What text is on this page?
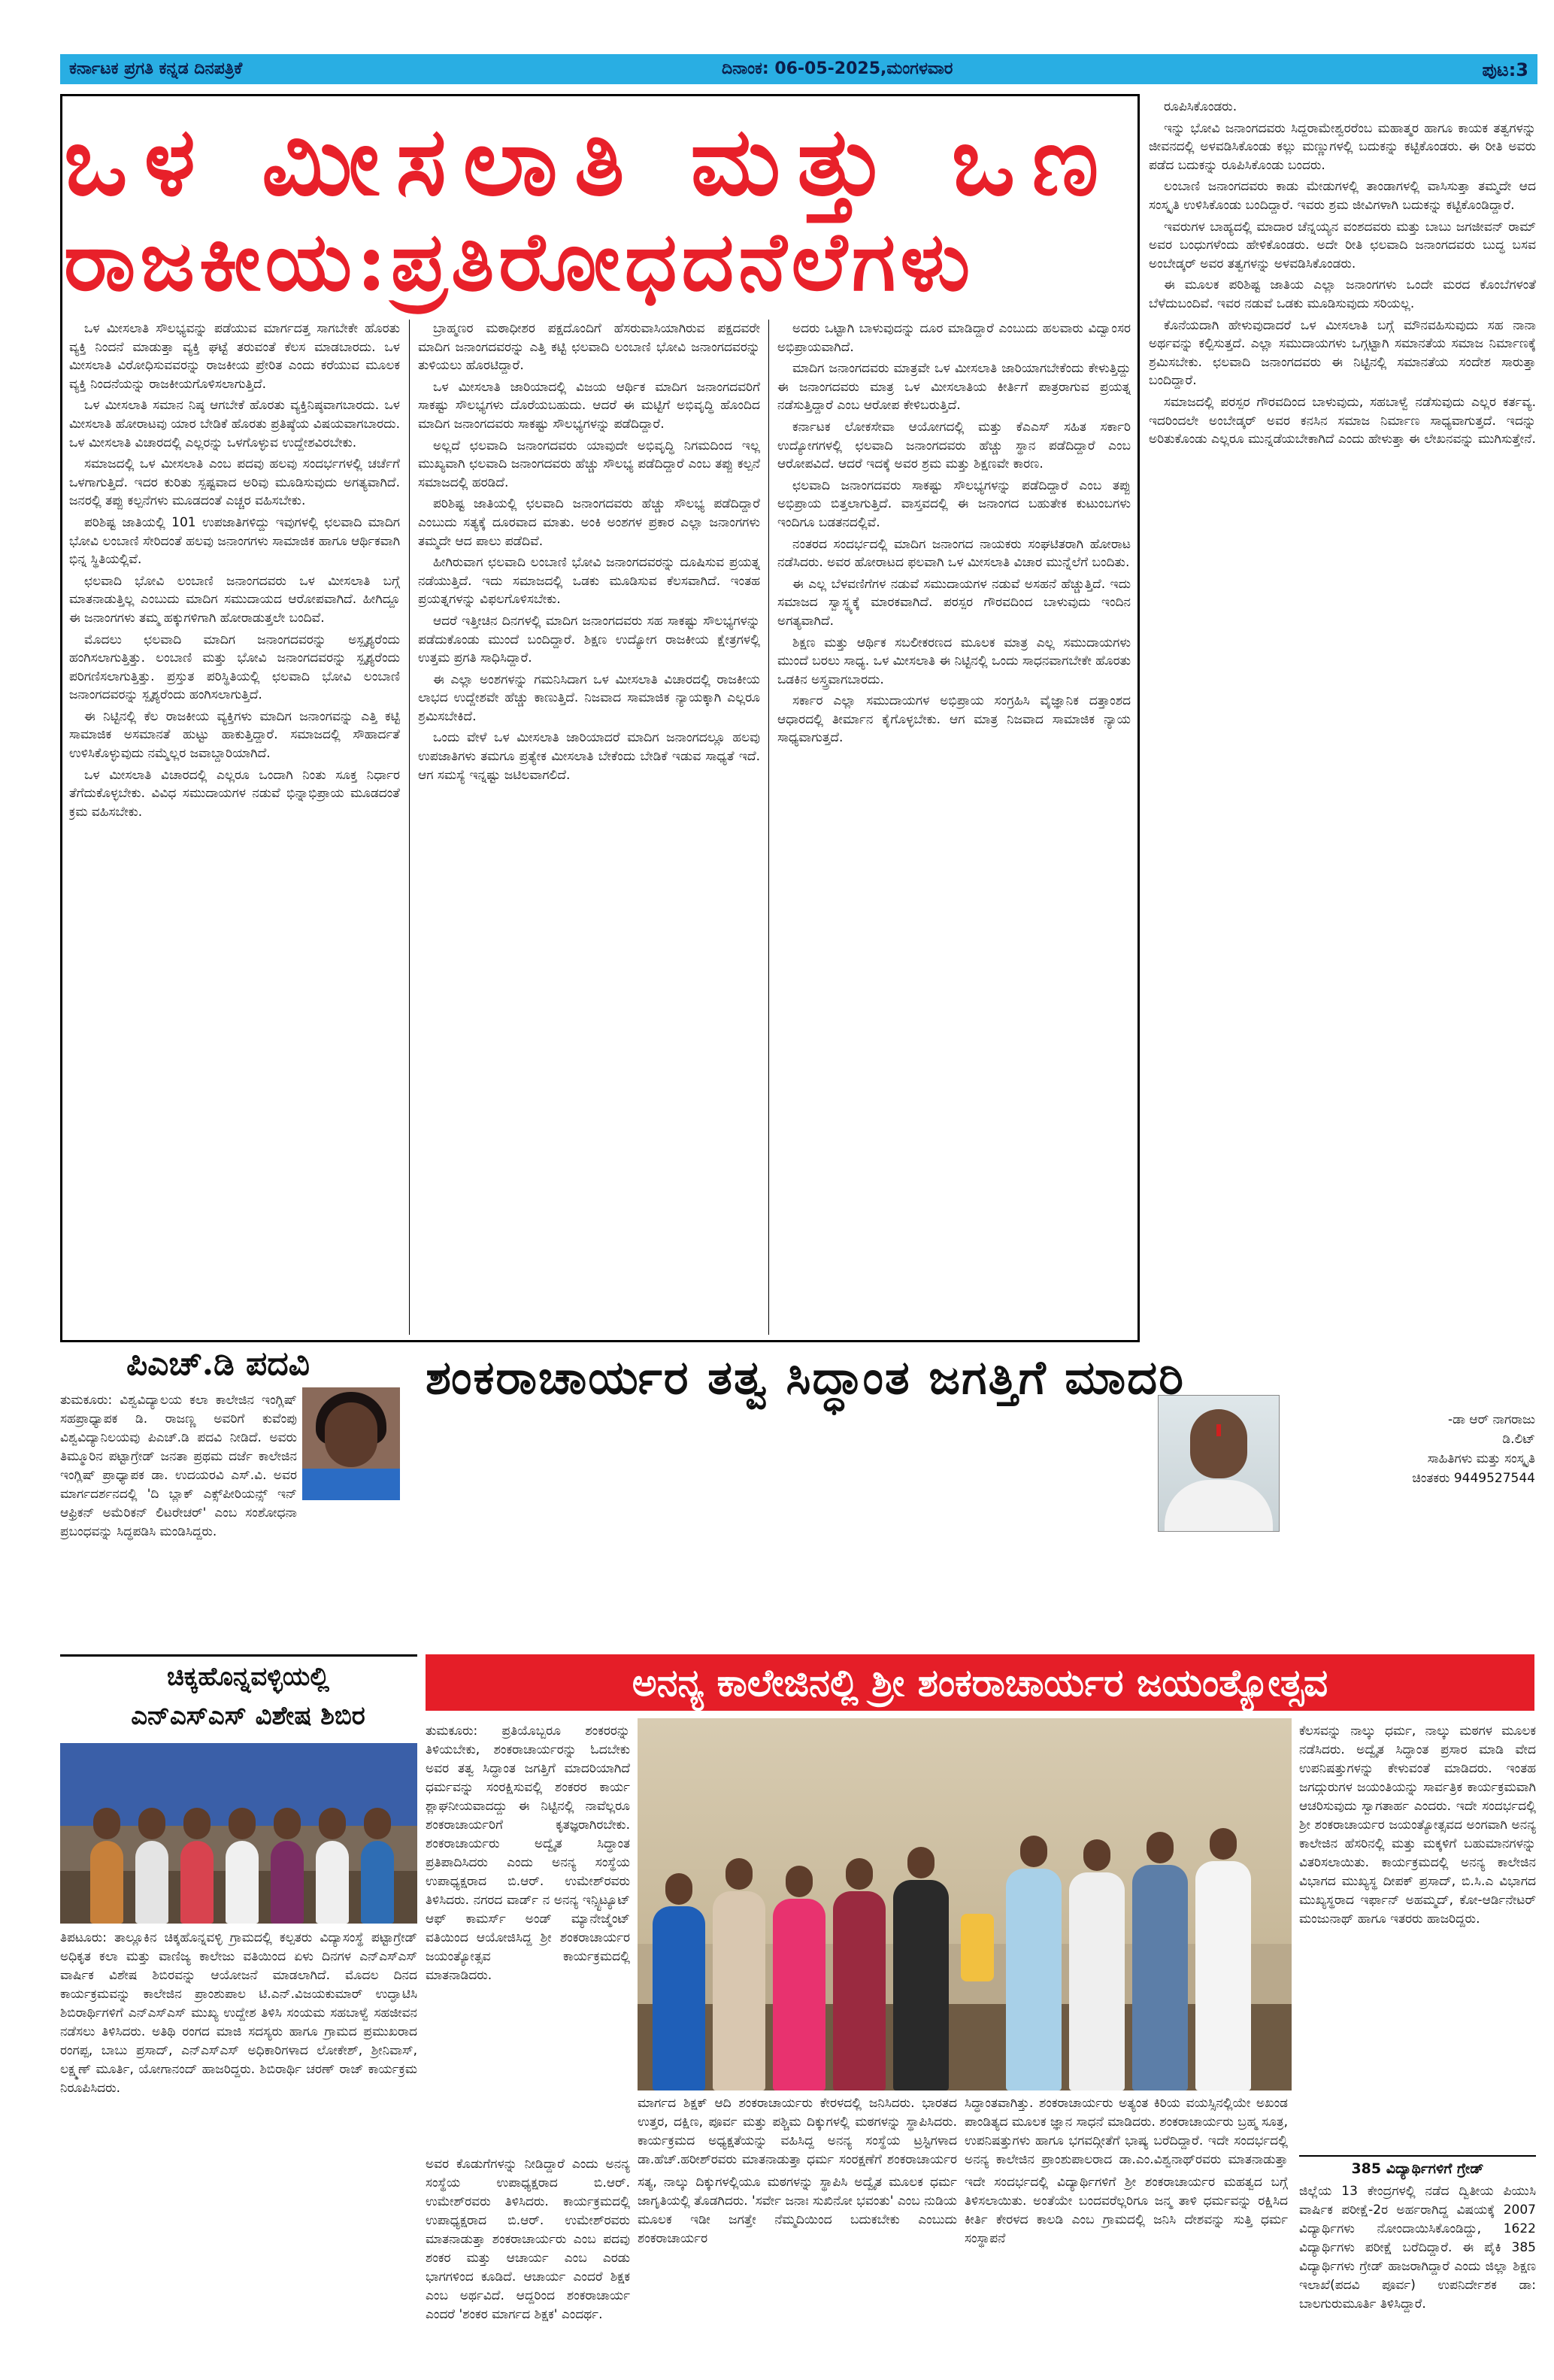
ಕರ್ನಾಟಕ ಪ್ರಗತಿ ಕನ್ನಡ ದಿನಪತ್ರಿಕೆ	ದಿನಾಂಕ: 06-05-2025,ಮಂಗಳವಾರ	ಪುಟ:3
ಒಳ ಮೀಸಲಾತಿ ಮತ್ತು ಒಣ
ರಾಜಕೀಯ:ಪ್ರತಿರೋಧದನೆಲೆಗಳು

ಒಳ ಮೀಸಲಾತಿ ಸೌಲಭ್ಯವನ್ನು ಪಡೆಯುವ ಮಾರ್ಗದತ್ತ ಸಾಗಬೇಕೇ ಹೊರತು ವ್ಯಕ್ತಿ ನಿಂದನೆ ಮಾಡುತ್ತಾ ವ್ಯಕ್ತಿ ಘಟ್ಟೆ ತರುವಂತೆ ಕೆಲಸ ಮಾಡಬಾರದು. ಒಳ ಮೀಸಲಾತಿ ವಿರೋಧಿಸುವವರನ್ನು ರಾಜಕೀಯ ಪ್ರೇರಿತ ಎಂದು ಕರೆಯುವ ಮೂಲಕ ವ್ಯಕ್ತಿ ನಿಂದನೆಯನ್ನು ರಾಜಕೀಯಗೊಳಿಸಲಾಗುತ್ತಿದೆ.

ಒಳ ಮೀಸಲಾತಿ ಸಮಾನ ನಿಷ್ಠ ಆಗಬೇಕೆ ಹೊರತು ವ್ಯಕ್ತಿನಿಷ್ಠವಾಗಬಾರದು. ಒಳ ಮೀಸಲಾತಿ ಹೋರಾಟವು ಯಾರ ಬೇಡಿಕೆ ಹೊರತು ಪ್ರತಿಷ್ಠೆಯ ವಿಷಯವಾಗಬಾರದು. ಒಳ ಮೀಸಲಾತಿ ವಿಚಾರದಲ್ಲಿ ಎಲ್ಲರನ್ನು ಒಳಗೊಳ್ಳುವ ಉದ್ದೇಶವಿರಬೇಕು.

ಸಮಾಜದಲ್ಲಿ ಒಳ ಮೀಸಲಾತಿ ಎಂಬ ಪದವು ಹಲವು ಸಂದರ್ಭಗಳಲ್ಲಿ ಚರ್ಚೆಗೆ ಒಳಗಾಗುತ್ತಿದೆ. ಇದರ ಕುರಿತು ಸ್ಪಷ್ಟವಾದ ಅರಿವು ಮೂಡಿಸುವುದು ಅಗತ್ಯವಾಗಿದೆ. ಜನರಲ್ಲಿ ತಪ್ಪು ಕಲ್ಪನೆಗಳು ಮೂಡದಂತೆ ಎಚ್ಚರ ವಹಿಸಬೇಕು.

ಪರಿಶಿಷ್ಟ ಜಾತಿಯಲ್ಲಿ 101 ಉಪಜಾತಿಗಳಿದ್ದು ಇವುಗಳಲ್ಲಿ ಛಲವಾದಿ ಮಾದಿಗ ಭೋವಿ ಲಂಬಾಣಿ ಸೇರಿದಂತೆ ಹಲವು ಜನಾಂಗಗಳು ಸಾಮಾಜಿಕ ಹಾಗೂ ಆರ್ಥಿಕವಾಗಿ ಭಿನ್ನ ಸ್ಥಿತಿಯಲ್ಲಿವೆ.

ಛಲವಾದಿ ಭೋವಿ ಲಂಬಾಣಿ ಜನಾಂಗದವರು ಒಳ ಮೀಸಲಾತಿ ಬಗ್ಗೆ ಮಾತನಾಡುತ್ತಿಲ್ಲ ಎಂಬುದು ಮಾದಿಗ ಸಮುದಾಯದ ಆರೋಪವಾಗಿದೆ. ಹೀಗಿದ್ದೂ ಈ ಜನಾಂಗಗಳು ತಮ್ಮ ಹಕ್ಕುಗಳಿಗಾಗಿ ಹೋರಾಡುತ್ತಲೇ ಬಂದಿವೆ.

ಮೊದಲು ಛಲವಾದಿ ಮಾದಿಗ ಜನಾಂಗದವರನ್ನು ಅಸ್ಪೃಶ್ಯರೆಂದು ಹಂಗಿಸಲಾಗುತ್ತಿತ್ತು. ಲಂಬಾಣಿ ಮತ್ತು ಭೋವಿ ಜನಾಂಗದವರನ್ನು ಸ್ಪೃಶ್ಯರೆಂದು ಪರಿಗಣಿಸಲಾಗುತ್ತಿತ್ತು. ಪ್ರಸ್ತುತ ಪರಿಸ್ಥಿತಿಯಲ್ಲಿ ಛಲವಾದಿ ಭೋವಿ ಲಂಬಾಣಿ ಜನಾಂಗದವರನ್ನು ಸ್ಪೃಶ್ಯರೆಂದು ಹಂಗಿಸಲಾಗುತ್ತಿದೆ.

ಈ ನಿಟ್ಟಿನಲ್ಲಿ ಕೆಲ ರಾಜಕೀಯ ವ್ಯಕ್ತಿಗಳು ಮಾದಿಗ ಜನಾಂಗವನ್ನು ಎತ್ತಿ ಕಟ್ಟಿ ಸಾಮಾಜಿಕ ಅಸಮಾನತೆ ಹುಟ್ಟು ಹಾಕುತ್ತಿದ್ದಾರೆ. ಸಮಾಜದಲ್ಲಿ ಸೌಹಾರ್ದತೆ ಉಳಿಸಿಕೊಳ್ಳುವುದು ನಮ್ಮೆಲ್ಲರ ಜವಾಬ್ದಾರಿಯಾಗಿದೆ.

ಒಳ ಮೀಸಲಾತಿ ವಿಚಾರದಲ್ಲಿ ಎಲ್ಲರೂ ಒಂದಾಗಿ ನಿಂತು ಸೂಕ್ತ ನಿರ್ಧಾರ ತೆಗೆದುಕೊಳ್ಳಬೇಕು. ವಿವಿಧ ಸಮುದಾಯಗಳ ನಡುವೆ ಭಿನ್ನಾಭಿಪ್ರಾಯ ಮೂಡದಂತೆ ಕ್ರಮ ವಹಿಸಬೇಕು.

ಬ್ರಾಹ್ಮಣರ ಮಠಾಧೀಶರ ಪಕ್ಷದೊಂದಿಗೆ ಹೆಸರುವಾಸಿಯಾಗಿರುವ ಪಕ್ಷದವರೇ ಮಾದಿಗ ಜನಾಂಗದವರನ್ನು ಎತ್ತಿ ಕಟ್ಟಿ ಛಲವಾದಿ ಲಂಬಾಣಿ ಭೋವಿ ಜನಾಂಗದವರನ್ನು ತುಳಿಯಲು ಹೊರಟಿದ್ದಾರೆ.

ಒಳ ಮೀಸಲಾತಿ ಜಾರಿಯಾದಲ್ಲಿ ವಿಜಯ ಆರ್ಥಿಕ ಮಾದಿಗ ಜನಾಂಗದವರಿಗೆ ಸಾಕಷ್ಟು ಸೌಲಭ್ಯಗಳು ದೊರೆಯಬಹುದು. ಆದರೆ ಈ ಮಟ್ಟಿಗೆ ಅಭಿವೃದ್ಧಿ ಹೊಂದಿದ ಮಾದಿಗ ಜನಾಂಗದವರು ಸಾಕಷ್ಟು ಸೌಲಭ್ಯಗಳನ್ನು ಪಡೆದಿದ್ದಾರೆ.

ಅಲ್ಲದೆ ಛಲವಾದಿ ಜನಾಂಗದವರು ಯಾವುದೇ ಅಭಿವೃದ್ಧಿ ನಿಗಮದಿಂದ ಇಲ್ಲ ಮುಖ್ಯವಾಗಿ ಛಲವಾದಿ ಜನಾಂಗದವರು ಹೆಚ್ಚು ಸೌಲಭ್ಯ ಪಡೆದಿದ್ದಾರೆ ಎಂಬ ತಪ್ಪು ಕಲ್ಪನೆ ಸಮಾಜದಲ್ಲಿ ಹರಡಿದೆ.

ಪರಿಶಿಷ್ಟ ಜಾತಿಯಲ್ಲಿ ಛಲವಾದಿ ಜನಾಂಗದವರು ಹೆಚ್ಚು ಸೌಲಭ್ಯ ಪಡೆದಿದ್ದಾರೆ ಎಂಬುದು ಸತ್ಯಕ್ಕೆ ದೂರವಾದ ಮಾತು. ಅಂಕಿ ಅಂಶಗಳ ಪ್ರಕಾರ ಎಲ್ಲಾ ಜನಾಂಗಗಳು ತಮ್ಮದೇ ಆದ ಪಾಲು ಪಡೆದಿವೆ.

ಹೀಗಿರುವಾಗ ಛಲವಾದಿ ಲಂಬಾಣಿ ಭೋವಿ ಜನಾಂಗದವರನ್ನು ದೂಷಿಸುವ ಪ್ರಯತ್ನ ನಡೆಯುತ್ತಿದೆ. ಇದು ಸಮಾಜದಲ್ಲಿ ಒಡಕು ಮೂಡಿಸುವ ಕೆಲಸವಾಗಿದೆ. ಇಂತಹ ಪ್ರಯತ್ನಗಳನ್ನು ವಿಫಲಗೊಳಿಸಬೇಕು.

ಆದರೆ ಇತ್ತೀಚಿನ ದಿನಗಳಲ್ಲಿ ಮಾದಿಗ ಜನಾಂಗದವರು ಸಹ ಸಾಕಷ್ಟು ಸೌಲಭ್ಯಗಳನ್ನು ಪಡೆದುಕೊಂಡು ಮುಂದೆ ಬಂದಿದ್ದಾರೆ. ಶಿಕ್ಷಣ ಉದ್ಯೋಗ ರಾಜಕೀಯ ಕ್ಷೇತ್ರಗಳಲ್ಲಿ ಉತ್ತಮ ಪ್ರಗತಿ ಸಾಧಿಸಿದ್ದಾರೆ.

ಈ ಎಲ್ಲಾ ಅಂಶಗಳನ್ನು ಗಮನಿಸಿದಾಗ ಒಳ ಮೀಸಲಾತಿ ವಿಚಾರದಲ್ಲಿ ರಾಜಕೀಯ ಲಾಭದ ಉದ್ದೇಶವೇ ಹೆಚ್ಚು ಕಾಣುತ್ತಿದೆ. ನಿಜವಾದ ಸಾಮಾಜಿಕ ನ್ಯಾಯಕ್ಕಾಗಿ ಎಲ್ಲರೂ ಶ್ರಮಿಸಬೇಕಿದೆ.

ಒಂದು ವೇಳೆ ಒಳ ಮೀಸಲಾತಿ ಜಾರಿಯಾದರೆ ಮಾದಿಗ ಜನಾಂಗದಲ್ಲೂ ಹಲವು ಉಪಜಾತಿಗಳು ತಮಗೂ ಪ್ರತ್ಯೇಕ ಮೀಸಲಾತಿ ಬೇಕೆಂದು ಬೇಡಿಕೆ ಇಡುವ ಸಾಧ್ಯತೆ ಇದೆ. ಆಗ ಸಮಸ್ಯೆ ಇನ್ನಷ್ಟು ಜಟಿಲವಾಗಲಿದೆ.

ಅದರು ಒಟ್ಟಾಗಿ ಬಾಳುವುದನ್ನು ದೂರ ಮಾಡಿದ್ದಾರೆ ಎಂಬುದು ಹಲವಾರು ವಿದ್ವಾಂಸರ ಅಭಿಪ್ರಾಯವಾಗಿದೆ.

ಮಾದಿಗ ಜನಾಂಗದವರು ಮಾತ್ರವೇ ಒಳ ಮೀಸಲಾತಿ ಜಾರಿಯಾಗಬೇಕೆಂದು ಕೇಳುತ್ತಿದ್ದು ಈ ಜನಾಂಗದವರು ಮಾತ್ರ ಒಳ ಮೀಸಲಾತಿಯ ಕೀರ್ತಿಗೆ ಪಾತ್ರರಾಗುವ ಪ್ರಯತ್ನ ನಡೆಸುತ್ತಿದ್ದಾರೆ ಎಂಬ ಆರೋಪ ಕೇಳಿಬರುತ್ತಿದೆ.

ಕರ್ನಾಟಕ ಲೋಕಸೇವಾ ಆಯೋಗದಲ್ಲಿ ಮತ್ತು ಕೆಎಎಸ್ ಸಹಿತ ಸರ್ಕಾರಿ ಉದ್ಯೋಗಗಳಲ್ಲಿ ಛಲವಾದಿ ಜನಾಂಗದವರು ಹೆಚ್ಚು ಸ್ಥಾನ ಪಡೆದಿದ್ದಾರೆ ಎಂಬ ಆರೋಪವಿದೆ. ಆದರೆ ಇದಕ್ಕೆ ಅವರ ಶ್ರಮ ಮತ್ತು ಶಿಕ್ಷಣವೇ ಕಾರಣ.

ಛಲವಾದಿ ಜನಾಂಗದವರು ಸಾಕಷ್ಟು ಸೌಲಭ್ಯಗಳನ್ನು ಪಡೆದಿದ್ದಾರೆ ಎಂಬ ತಪ್ಪು ಅಭಿಪ್ರಾಯ ಬಿತ್ತಲಾಗುತ್ತಿದೆ. ವಾಸ್ತವದಲ್ಲಿ ಈ ಜನಾಂಗದ ಬಹುತೇಕ ಕುಟುಂಬಗಳು ಇಂದಿಗೂ ಬಡತನದಲ್ಲಿವೆ.

ನಂತರದ ಸಂದರ್ಭದಲ್ಲಿ ಮಾದಿಗ ಜನಾಂಗದ ನಾಯಕರು ಸಂಘಟಿತರಾಗಿ ಹೋರಾಟ ನಡೆಸಿದರು. ಅವರ ಹೋರಾಟದ ಫಲವಾಗಿ ಒಳ ಮೀಸಲಾತಿ ವಿಚಾರ ಮುನ್ನೆಲೆಗೆ ಬಂದಿತು.

ಈ ಎಲ್ಲ ಬೆಳವಣಿಗೆಗಳ ನಡುವೆ ಸಮುದಾಯಗಳ ನಡುವೆ ಅಸಹನೆ ಹೆಚ್ಚುತ್ತಿದೆ. ಇದು ಸಮಾಜದ ಸ್ವಾಸ್ಥ್ಯಕ್ಕೆ ಮಾರಕವಾಗಿದೆ. ಪರಸ್ಪರ ಗೌರವದಿಂದ ಬಾಳುವುದು ಇಂದಿನ ಅಗತ್ಯವಾಗಿದೆ.

ಶಿಕ್ಷಣ ಮತ್ತು ಆರ್ಥಿಕ ಸಬಲೀಕರಣದ ಮೂಲಕ ಮಾತ್ರ ಎಲ್ಲ ಸಮುದಾಯಗಳು ಮುಂದೆ ಬರಲು ಸಾಧ್ಯ. ಒಳ ಮೀಸಲಾತಿ ಈ ನಿಟ್ಟಿನಲ್ಲಿ ಒಂದು ಸಾಧನವಾಗಬೇಕೇ ಹೊರತು ಒಡಕಿನ ಅಸ್ತ್ರವಾಗಬಾರದು.

ಸರ್ಕಾರ ಎಲ್ಲಾ ಸಮುದಾಯಗಳ ಅಭಿಪ್ರಾಯ ಸಂಗ್ರಹಿಸಿ ವೈಜ್ಞಾನಿಕ ದತ್ತಾಂಶದ ಆಧಾರದಲ್ಲಿ ತೀರ್ಮಾನ ಕೈಗೊಳ್ಳಬೇಕು. ಆಗ ಮಾತ್ರ ನಿಜವಾದ ಸಾಮಾಜಿಕ ನ್ಯಾಯ ಸಾಧ್ಯವಾಗುತ್ತದೆ.

ರೂಪಿಸಿಕೊಂಡರು.

ಇನ್ನು ಭೋವಿ ಜನಾಂಗದವರು ಸಿದ್ದರಾಮೇಶ್ವರರೆಂಬ ಮಹಾತ್ಮರ ಹಾಗೂ ಕಾಯಕ ತತ್ವಗಳನ್ನು ಜೀವನದಲ್ಲಿ ಅಳವಡಿಸಿಕೊಂಡು ಕಲ್ಲು ಮಣ್ಣುಗಳಲ್ಲಿ ಬದುಕನ್ನು ಕಟ್ಟಿಕೊಂಡರು. ಈ ರೀತಿ ಅವರು ಪಡೆದ ಬದುಕನ್ನು ರೂಪಿಸಿಕೊಂಡು ಬಂದರು.

ಲಂಬಾಣಿ ಜನಾಂಗದವರು ಕಾಡು ಮೇಡುಗಳಲ್ಲಿ ತಾಂಡಾಗಳಲ್ಲಿ ವಾಸಿಸುತ್ತಾ ತಮ್ಮದೇ ಆದ ಸಂಸ್ಕೃತಿ ಉಳಿಸಿಕೊಂಡು ಬಂದಿದ್ದಾರೆ. ಇವರು ಶ್ರಮ ಜೀವಿಗಳಾಗಿ ಬದುಕನ್ನು ಕಟ್ಟಿಕೊಂಡಿದ್ದಾರೆ.

ಇವರುಗಳ ಬಾಹ್ಯದಲ್ಲಿ ಮಾದಾರ ಚೆನ್ನಯ್ಯನ ವಂಶದವರು ಮತ್ತು ಬಾಬು ಜಗಜೀವನ್ ರಾಮ್ ಅವರ ಬಂಧುಗಳೆಂದು ಹೇಳಿಕೊಂಡರು. ಅದೇ ರೀತಿ ಛಲವಾದಿ ಜನಾಂಗದವರು ಬುದ್ಧ ಬಸವ ಅಂಬೇಡ್ಕರ್ ಅವರ ತತ್ವಗಳನ್ನು ಅಳವಡಿಸಿಕೊಂಡರು.

ಈ ಮೂಲಕ ಪರಿಶಿಷ್ಟ ಜಾತಿಯ ಎಲ್ಲಾ ಜನಾಂಗಗಳು ಒಂದೇ ಮರದ ಕೊಂಬೆಗಳಂತೆ ಬೆಳೆದುಬಂದಿವೆ. ಇವರ ನಡುವೆ ಒಡಕು ಮೂಡಿಸುವುದು ಸರಿಯಲ್ಲ.

ಕೊನೆಯದಾಗಿ ಹೇಳುವುದಾದರೆ ಒಳ ಮೀಸಲಾತಿ ಬಗ್ಗೆ ಮೌನವಹಿಸುವುದು ಸಹ ನಾನಾ ಅರ್ಥವನ್ನು ಕಲ್ಪಿಸುತ್ತದೆ. ಎಲ್ಲಾ ಸಮುದಾಯಗಳು ಒಗ್ಗಟ್ಟಾಗಿ ಸಮಾನತೆಯ ಸಮಾಜ ನಿರ್ಮಾಣಕ್ಕೆ ಶ್ರಮಿಸಬೇಕು. ಛಲವಾದಿ ಜನಾಂಗದವರು ಈ ನಿಟ್ಟಿನಲ್ಲಿ ಸಮಾನತೆಯ ಸಂದೇಶ ಸಾರುತ್ತಾ ಬಂದಿದ್ದಾರೆ.

ಸಮಾಜದಲ್ಲಿ ಪರಸ್ಪರ ಗೌರವದಿಂದ ಬಾಳುವುದು, ಸಹಬಾಳ್ವೆ ನಡೆಸುವುದು ಎಲ್ಲರ ಕರ್ತವ್ಯ. ಇದರಿಂದಲೇ ಅಂಬೇಡ್ಕರ್ ಅವರ ಕನಸಿನ ಸಮಾಜ ನಿರ್ಮಾಣ ಸಾಧ್ಯವಾಗುತ್ತದೆ. ಇದನ್ನು ಅರಿತುಕೊಂಡು ಎಲ್ಲರೂ ಮುನ್ನಡೆಯಬೇಕಾಗಿದೆ ಎಂದು ಹೇಳುತ್ತಾ ಈ ಲೇಖನವನ್ನು ಮುಗಿಸುತ್ತೇನೆ.

-ಡಾ ಆರ್ ನಾಗರಾಜು
ಡಿ.ಲಿಟ್
ಸಾಹಿತಿಗಳು ಮತ್ತು ಸಂಸ್ಕೃತಿ
ಚಿಂತಕರು 9449527544
ಪಿಎಚ್.ಡಿ ಪದವಿ
ತುಮಕೂರು: ವಿಶ್ವವಿದ್ಯಾಲಯ ಕಲಾ ಕಾಲೇಜಿನ ಇಂಗ್ಲಿಷ್ ಸಹಪ್ರಾಧ್ಯಾಪಕ ಡಿ. ರಾಜಣ್ಣ ಅವರಿಗೆ ಕುವೆಂಪು ವಿಶ್ವವಿದ್ಯಾನಿಲಯವು ಪಿಎಚ್.ಡಿ ಪದವಿ ನೀಡಿದೆ. ಅವರು ತಿಮ್ಮೂರಿನ ಪಟ್ಟಾಗ್ರೇಡ್ ಜನತಾ ಪ್ರಥಮ ದರ್ಜೆ ಕಾಲೇಜಿನ ಇಂಗ್ಲಿಷ್ ಪ್ರಾಧ್ಯಾಪಕ ಡಾ. ಉದಯರವಿ ಎಸ್.ವಿ. ಅವರ ಮಾರ್ಗದರ್ಶನದಲ್ಲಿ 'ದಿ ಬ್ಲಾಕ್ ಎಕ್ಸ್‌ಪೀರಿಯನ್ಸ್ ಇನ್ ಆಫ್ರಿಕನ್ ಅಮೆರಿಕನ್ ಲಿಟರೇಚರ್' ಎಂಬ ಸಂಶೋಧನಾ ಪ್ರಬಂಧವನ್ನು ಸಿದ್ಧಪಡಿಸಿ ಮಂಡಿಸಿದ್ದರು.
ಚಿಕ್ಕಹೊನ್ನವಳ್ಳಿಯಲ್ಲಿ
ಎನ್‌ಎಸ್‌ಎಸ್ ವಿಶೇಷ ಶಿಬಿರ
ತಿಪಟೂರು: ತಾಲ್ಲೂಕಿನ ಚಿಕ್ಕಹೊನ್ನವಳ್ಳಿ ಗ್ರಾಮದಲ್ಲಿ ಕಲ್ಪತರು ವಿದ್ಯಾಸಂಸ್ಥೆ ಪಟ್ಟಾಗ್ರೇಡ್ ಅಧಿಕೃತ ಕಲಾ ಮತ್ತು ವಾಣಿಜ್ಯ ಕಾಲೇಜು ವತಿಯಿಂದ ಏಳು ದಿನಗಳ ಎನ್‌ಎಸ್‌ಎಸ್ ವಾರ್ಷಿಕ ವಿಶೇಷ ಶಿಬಿರವನ್ನು ಆಯೋಜನೆ ಮಾಡಲಾಗಿದೆ. ಮೊದಲ ದಿನದ ಕಾರ್ಯಕ್ರಮವನ್ನು ಕಾಲೇಜಿನ ಪ್ರಾಂಶುಪಾಲ ಟಿ.ಎನ್.ವಿಜಯಕುಮಾರ್ ಉದ್ಘಾಟಿಸಿ ಶಿಬಿರಾರ್ಥಿಗಳಿಗೆ ಎನ್‌ಎಸ್‌ಎಸ್ ಮುಖ್ಯ ಉದ್ದೇಶ ತಿಳಿಸಿ ಸಂಯಮ ಸಹಬಾಳ್ವೆ ಸಹಜೀವನ ನಡೆಸಲು ತಿಳಿಸಿದರು. ಅತಿಥಿ ರಂಗದ ಮಾಜಿ ಸದಸ್ಯರು ಹಾಗೂ ಗ್ರಾಮದ ಪ್ರಮುಖರಾದ ರಂಗಪ್ಪ, ಬಾಬು ಪ್ರಸಾದ್, ಎನ್‌ಎಸ್‌ಎಸ್ ಅಧಿಕಾರಿಗಳಾದ ಲೋಕೇಶ್, ಶ್ರೀನಿವಾಸ್, ಲಕ್ಷ್ಮಣ್ ಮೂರ್ತಿ, ಯೋಗಾನಂದ್ ಹಾಜರಿದ್ದರು. ಶಿಬಿರಾರ್ಥಿ ಚರಣ್ ರಾಜ್ ಕಾರ್ಯಕ್ರಮ ನಿರೂಪಿಸಿದರು.
ಶಂಕರಾಚಾರ್ಯರ ತತ್ವ ಸಿದ್ಧಾಂತ ಜಗತ್ತಿಗೆ ಮಾದರಿ
ಅನನ್ಯ ಕಾಲೇಜಿನಲ್ಲಿ ಶ್ರೀ ಶಂಕರಾಚಾರ್ಯರ ಜಯಂತ್ಯೋತ್ಸವ
ತುಮಕೂರು: ಪ್ರತಿಯೊಬ್ಬರೂ ಶಂಕರರನ್ನು ತಿಳಿಯಬೇಕು, ಶಂಕರಾಚಾರ್ಯರನ್ನು ಓದಬೇಕು ಅವರ ತತ್ವ ಸಿದ್ಧಾಂತ ಜಗತ್ತಿಗೆ ಮಾದರಿಯಾಗಿದೆ ಧರ್ಮವನ್ನು ಸಂರಕ್ಷಿಸುವಲ್ಲಿ ಶಂಕರರ ಕಾರ್ಯ ಶ್ಲಾಘನೀಯವಾದದ್ದು ಈ ನಿಟ್ಟಿನಲ್ಲಿ ನಾವೆಲ್ಲರೂ ಶಂಕರಾಚಾರ್ಯರಿಗೆ ಕೃತಜ್ಞರಾಗಿರಬೇಕು. ಶಂಕರಾಚಾರ್ಯರು ಅದ್ವೈತ ಸಿದ್ಧಾಂತ ಪ್ರತಿಪಾದಿಸಿದರು ಎಂದು ಅನನ್ಯ ಸಂಸ್ಥೆಯ ಉಪಾಧ್ಯಕ್ಷರಾದ ಬಿ.ಆರ್. ಉಮೇಶ್‌ರವರು ತಿಳಿಸಿದರು. ನಗರದ ವಾರ್ಡ್ ನ ಅನನ್ಯ ಇನ್ಸ್ಟಿಟ್ಯೂಟ್ ಆಫ್ ಕಾಮರ್ಸ್ ಅಂಡ್ ಮ್ಯಾನೇಜ್ಮೆಂಟ್ ವತಿಯಿಂದ ಆಯೋಜಿಸಿದ್ದ ಶ್ರೀ ಶಂಕರಾಚಾರ್ಯರ ಜಯಂತ್ಯೋತ್ಸವ ಕಾರ್ಯಕ್ರಮದಲ್ಲಿ ಮಾತನಾಡಿದರು.
ಕೆಲಸವನ್ನು ನಾಲ್ಕು ಧರ್ಮ, ನಾಲ್ಕು ಮಠಗಳ ಮೂಲಕ ನಡೆಸಿದರು. ಅದ್ವೈತ ಸಿದ್ಧಾಂತ ಪ್ರಸಾರ ಮಾಡಿ ವೇದ ಉಪನಿಷತ್ತುಗಳನ್ನು ಕೇಳುವಂತೆ ಮಾಡಿದರು. ಇಂತಹ ಜಗದ್ಗುರುಗಳ ಜಯಂತಿಯನ್ನು ಸಾರ್ವತ್ರಿಕ ಕಾರ್ಯಕ್ರಮವಾಗಿ ಆಚರಿಸುವುದು ಸ್ವಾಗತಾರ್ಹ ಎಂದರು. ಇದೇ ಸಂದರ್ಭದಲ್ಲಿ ಶ್ರೀ ಶಂಕರಾಚಾರ್ಯರ ಜಯಂತ್ಯೋತ್ಸವದ ಅಂಗವಾಗಿ ಅನನ್ಯ ಕಾಲೇಜಿನ ಹೆಸರಿನಲ್ಲಿ ಮತ್ತು ಮಕ್ಕಳಿಗೆ ಬಹುಮಾನಗಳನ್ನು ವಿತರಿಸಲಾಯಿತು. ಕಾರ್ಯಕ್ರಮದಲ್ಲಿ ಅನನ್ಯ ಕಾಲೇಜಿನ ವಿಭಾಗದ ಮುಖ್ಯಸ್ಥ ದೀಪಕ್ ಪ್ರಸಾದ್, ಬಿ.ಸಿ.ಎ ವಿಭಾಗದ ಮುಖ್ಯಸ್ಥರಾದ ಇರ್ಫಾನ್ ಅಹಮ್ಮದ್, ಕೋ-ಆರ್ಡಿನೇಟರ್ ಮಂಜುನಾಥ್ ಹಾಗೂ ಇತರರು ಹಾಜರಿದ್ದರು.
385 ವಿದ್ಯಾರ್ಥಿಗಳಿಗೆ ಗ್ರೇಡ್
ಜಿಲ್ಲೆಯ 13 ಕೇಂದ್ರಗಳಲ್ಲಿ ನಡೆದ ದ್ವಿತೀಯ ಪಿಯುಸಿ ವಾರ್ಷಿಕ ಪರೀಕ್ಷೆ-2ರ ಅರ್ಹರಾಗಿದ್ದ ವಿಷಯಕ್ಕೆ 2007 ವಿದ್ಯಾರ್ಥಿಗಳು ನೋಂದಾಯಿಸಿಕೊಂಡಿದ್ದು, 1622 ವಿದ್ಯಾರ್ಥಿಗಳು ಪರೀಕ್ಷೆ ಬರೆದಿದ್ದಾರೆ. ಈ ಪೈಕಿ 385 ವಿದ್ಯಾರ್ಥಿಗಳು ಗ್ರೇಡ್ ಹಾಜರಾಗಿದ್ದಾರೆ ಎಂದು ಜಿಲ್ಲಾ ಶಿಕ್ಷಣ ಇಲಾಖೆ(ಪದವಿ ಪೂರ್ವ) ಉಪನಿರ್ದೇಶಕ ಡಾ: ಬಾಲಗುರುಮೂರ್ತಿ ತಿಳಿಸಿದ್ದಾರೆ.
ಮಾರ್ಗದ ಶಿಕ್ಷಕ್ ಆದಿ ಶಂಕರಾಚಾರ್ಯರು ಕೇರಳದಲ್ಲಿ ಜನಿಸಿದರು. ಭಾರತದ ಉತ್ತರ, ದಕ್ಷಿಣ, ಪೂರ್ವ ಮತ್ತು ಪಶ್ಚಿಮ ದಿಕ್ಕುಗಳಲ್ಲಿ ಮಠಗಳನ್ನು ಸ್ಥಾಪಿಸಿದರು. ಕಾರ್ಯಕ್ರಮದ ಅಧ್ಯಕ್ಷತೆಯನ್ನು ವಹಿಸಿದ್ದ ಅನನ್ಯ ಸಂಸ್ಥೆಯ ಟ್ರಸ್ಟಿಗಳಾದ ಡಾ.ಹೆಚ್.ಹರೀಶ್‌ರವರು ಮಾತನಾಡುತ್ತಾ ಧರ್ಮ ಸಂರಕ್ಷಣೆಗೆ ಶಂಕರಾಚಾರ್ಯರ
ಸಿದ್ಧಾಂತವಾಗಿತ್ತು. ಶಂಕರಾಚಾರ್ಯರು ಅತ್ಯಂತ ಕಿರಿಯ ವಯಸ್ಸಿನಲ್ಲಿಯೇ ಅಖಂಡ ಪಾಂಡಿತ್ಯದ ಮೂಲಕ ಜ್ಞಾನ ಸಾಧನೆ ಮಾಡಿದರು. ಶಂಕರಾಚಾರ್ಯರು ಬ್ರಹ್ಮ ಸೂತ್ರ, ಉಪನಿಷತ್ತುಗಳು ಹಾಗೂ ಭಗವದ್ಗೀತೆಗೆ ಭಾಷ್ಯ ಬರೆದಿದ್ದಾರೆ. ಇದೇ ಸಂದರ್ಭದಲ್ಲಿ ಅನನ್ಯ ಕಾಲೇಜಿನ ಪ್ರಾಂಶುಪಾಲರಾದ ಡಾ.ಎಂ.ವಿಶ್ವನಾಥ್‌ರವರು ಮಾತನಾಡುತ್ತಾ
ಅವರ ಕೊಡುಗೆಗಳನ್ನು ನೀಡಿದ್ದಾರೆ ಎಂದು ಅನನ್ಯ ಸಂಸ್ಥೆಯ ಉಪಾಧ್ಯಕ್ಷರಾದ ಬಿ.ಆರ್. ಉಮೇಶ್‌ರವರು ತಿಳಿಸಿದರು. ಕಾರ್ಯಕ್ರಮದಲ್ಲಿ ಉಪಾಧ್ಯಕ್ಷರಾದ ಬಿ.ಆರ್. ಉಮೇಶ್‌ರವರು ಮಾತನಾಡುತ್ತಾ ಶಂಕರಾಚಾರ್ಯರು ಎಂಬ ಪದವು ಶಂಕರ ಮತ್ತು ಆಚಾರ್ಯ ಎಂಬ ಎರಡು ಭಾಗಗಳಿಂದ ಕೂಡಿದೆ. ಆಚಾರ್ಯ ಎಂದರೆ ಶಿಕ್ಷಕ ಎಂಬ ಅರ್ಥವಿದೆ. ಆದ್ದರಿಂದ ಶಂಕರಾಚಾರ್ಯ ಎಂದರೆ 'ಶಂಕರ ಮಾರ್ಗದ ಶಿಕ್ಷಕ' ಎಂದರ್ಥ.
ಸತ್ಯ, ನಾಲ್ಕು ದಿಕ್ಕುಗಳಲ್ಲಿಯೂ ಮಠಗಳನ್ನು ಸ್ಥಾಪಿಸಿ ಅದ್ವೈತ ಮೂಲಕ ಧರ್ಮ ಜಾಗೃತಿಯಲ್ಲಿ ತೊಡಗಿದರು. 'ಸರ್ವೇ ಜನಾಃ ಸುಖಿನೋ ಭವಂತು' ಎಂಬ ನುಡಿಯ ಮೂಲಕ ಇಡೀ ಜಗತ್ತೇ ನೆಮ್ಮದಿಯಿಂದ ಬದುಕಬೇಕು ಎಂಬುದು ಶಂಕರಾಚಾರ್ಯರ
ಇದೇ ಸಂದರ್ಭದಲ್ಲಿ ವಿದ್ಯಾರ್ಥಿಗಳಿಗೆ ಶ್ರೀ ಶಂಕರಾಚಾರ್ಯರ ಮಹತ್ವದ ಬಗ್ಗೆ ತಿಳಿಸಲಾಯಿತು. ಅಂತೆಯೇ ಬಂದವರೆಲ್ಲರಿಗೂ ಜನ್ಮ ತಾಳಿ ಧರ್ಮವನ್ನು ರಕ್ಷಿಸಿದ ಕೀರ್ತಿ ಕೇರಳದ ಕಾಲಡಿ ಎಂಬ ಗ್ರಾಮದಲ್ಲಿ ಜನಿಸಿ ದೇಶವನ್ನು ಸುತ್ತಿ ಧರ್ಮ ಸಂಸ್ಥಾಪನೆ
